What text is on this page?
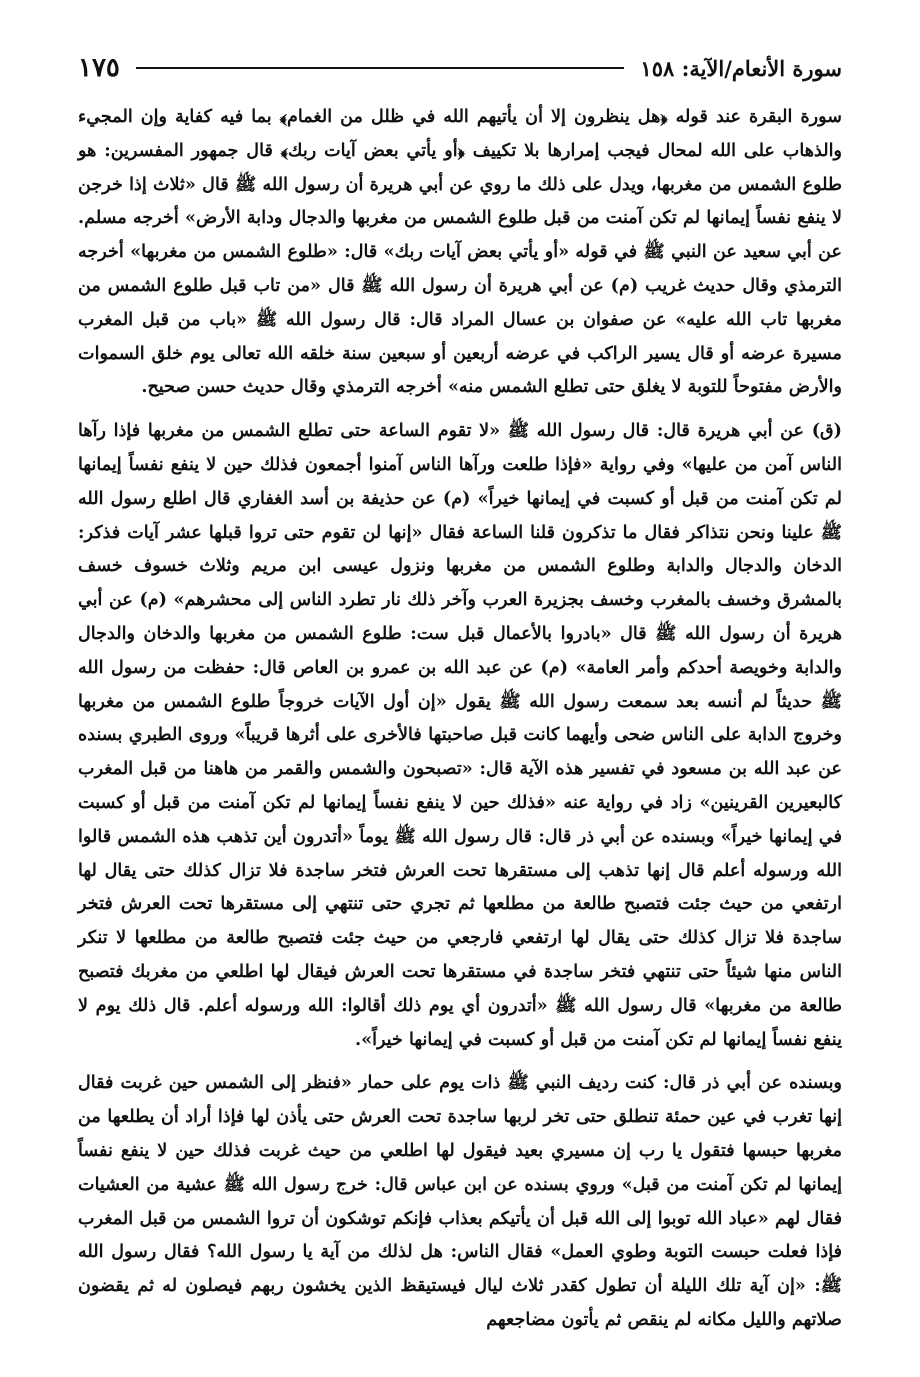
سورة الأنعام/الآية: ١٥٨
١٧٥

سورة البقرة عند قوله ﴿هل ينظرون إلا أن يأتيهم الله في ظلل من الغمام﴾ بما فيه كفاية وإن المجيء والذهاب على الله لمحال فيجب إمرارها بلا تكييف ﴿أو يأتي بعض آيات ربك﴾ قال جمهور المفسرين: هو طلوع الشمس من مغربها، ويدل على ذلك ما روي عن أبي هريرة أن رسول الله ﷺ قال «ثلاث إذا خرجن لا ينفع نفساً إيمانها لم تكن آمنت من قبل طلوع الشمس من مغربها والدجال ودابة الأرض» أخرجه مسلم. عن أبي سعيد عن النبي ﷺ في قوله «أو يأتي بعض آيات ربك» قال: «طلوع الشمس من مغربها» أخرجه الترمذي وقال حديث غريب (م) عن أبي هريرة أن رسول الله ﷺ قال «من تاب قبل طلوع الشمس من مغربها تاب الله عليه» عن صفوان بن عسال المراد قال: قال رسول الله ﷺ «باب من قبل المغرب مسيرة عرضه أو قال يسير الراكب في عرضه أربعين أو سبعين سنة خلقه الله تعالى يوم خلق السموات والأرض مفتوحاً للتوبة لا يغلق حتى تطلع الشمس منه» أخرجه الترمذي وقال حديث حسن صحيح.

(ق) عن أبي هريرة قال: قال رسول الله ﷺ «لا تقوم الساعة حتى تطلع الشمس من مغربها فإذا رآها الناس آمن من عليها» وفي رواية «فإذا طلعت ورآها الناس آمنوا أجمعون فذلك حين لا ينفع نفساً إيمانها لم تكن آمنت من قبل أو كسبت في إيمانها خيراً» (م) عن حذيفة بن أسد الغفاري قال اطلع رسول الله ﷺ علينا ونحن نتذاكر فقال ما تذكرون قلنا الساعة فقال «إنها لن تقوم حتى تروا قبلها عشر آيات فذكر: الدخان والدجال والدابة وطلوع الشمس من مغربها ونزول عيسى ابن مريم وثلاث خسوف خسف بالمشرق وخسف بالمغرب وخسف بجزيرة العرب وآخر ذلك نار تطرد الناس إلى محشرهم» (م) عن أبي هريرة أن رسول الله ﷺ قال «بادروا بالأعمال قبل ست: طلوع الشمس من مغربها والدخان والدجال والدابة وخويصة أحدكم وأمر العامة» (م) عن عبد الله بن عمرو بن العاص قال: حفظت من رسول الله ﷺ حديثاً لم أنسه بعد سمعت رسول الله ﷺ يقول «إن أول الآيات خروجاً طلوع الشمس من مغربها وخروج الدابة على الناس ضحى وأيهما كانت قبل صاحبتها فالأخرى على أثرها قريباً» وروى الطبري بسنده عن عبد الله بن مسعود في تفسير هذه الآية قال: «تصبحون والشمس والقمر من هاهنا من قبل المغرب كالبعيرين القرينين» زاد في رواية عنه «فذلك حين لا ينفع نفساً إيمانها لم تكن آمنت من قبل أو كسبت في إيمانها خيراً» وبسنده عن أبي ذر قال: قال رسول الله ﷺ يوماً «أتدرون أين تذهب هذه الشمس قالوا الله ورسوله أعلم قال إنها تذهب إلى مستقرها تحت العرش فتخر ساجدة فلا تزال كذلك حتى يقال لها ارتفعي من حيث جئت فتصبح طالعة من مطلعها ثم تجري حتى تنتهي إلى مستقرها تحت العرش فتخر ساجدة فلا تزال كذلك حتى يقال لها ارتفعي فارجعي من حيث جئت فتصبح طالعة من مطلعها لا تنكر الناس منها شيئاً حتى تنتهي فتخر ساجدة في مستقرها تحت العرش فيقال لها اطلعي من مغربك فتصبح طالعة من مغربها» قال رسول الله ﷺ «أتدرون أي يوم ذلك أقالوا: الله ورسوله أعلم. قال ذلك يوم لا ينفع نفساً إيمانها لم تكن آمنت من قبل أو كسبت في إيمانها خيراً».

وبسنده عن أبي ذر قال: كنت رديف النبي ﷺ ذات يوم على حمار «فنظر إلى الشمس حين غربت فقال إنها تغرب في عين حمئة تنطلق حتى تخر لربها ساجدة تحت العرش حتى يأذن لها فإذا أراد أن يطلعها من مغربها حبسها فتقول يا رب إن مسيري بعيد فيقول لها اطلعي من حيث غربت فذلك حين لا ينفع نفساً إيمانها لم تكن آمنت من قبل» وروي بسنده عن ابن عباس قال: خرج رسول الله ﷺ عشية من العشيات فقال لهم «عباد الله توبوا إلى الله قبل أن يأتيكم بعذاب فإنكم توشكون أن تروا الشمس من قبل المغرب فإذا فعلت حبست التوبة وطوي العمل» فقال الناس: هل لذلك من آية يا رسول الله؟ فقال رسول الله ﷺ: «إن آية تلك الليلة أن تطول كقدر ثلاث ليال فيستيقظ الذين يخشون ربهم فيصلون له ثم يقضون صلاتهم والليل مكانه لم ينقص ثم يأتون مضاجعهم
